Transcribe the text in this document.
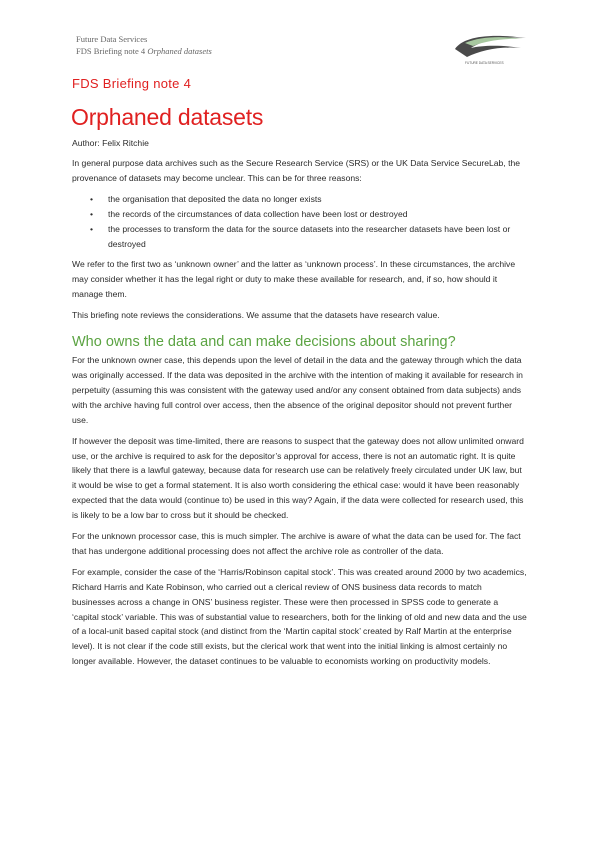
Future Data Services
FDS Briefing note 4 Orphaned datasets
FUTURE DATA SERVICES
FDS Briefing note 4
Orphaned datasets
Author: Felix Ritchie

In general purpose data archives such as the Secure Research Service (SRS) or the UK Data Service SecureLab, the provenance of datasets may become unclear. This can be for three reasons:

• the organisation that deposited the data no longer exists
• the records of the circumstances of data collection have been lost or destroyed
• the processes to transform the data for the source datasets into the researcher datasets have been lost or destroyed

We refer to the first two as ‘unknown owner’ and the latter as ‘unknown process’. In these circumstances, the archive may consider whether it has the legal right or duty to make these available for research, and, if so, how should it manage them.

This briefing note reviews the considerations. We assume that the datasets have research value.

Who owns the data and can make decisions about sharing?

For the unknown owner case, this depends upon the level of detail in the data and the gateway through which the data was originally accessed. If the data was deposited in the archive with the intention of making it available for research in perpetuity (assuming this was consistent with the gateway used and/or any consent obtained from data subjects) ands with the archive having full control over access, then the absence of the original depositor should not prevent further use.

If however the deposit was time-limited, there are reasons to suspect that the gateway does not allow unlimited onward use, or the archive is required to ask for the depositor’s approval for access, there is not an automatic right. It is quite likely that there is a lawful gateway, because data for research use can be relatively freely circulated under UK law, but it would be wise to get a formal statement. It is also worth considering the ethical case: would it have been reasonably expected that the data would (continue to) be used in this way? Again, if the data were collected for research used, this is likely to be a low bar to cross but it should be checked.

For the unknown processor case, this is much simpler. The archive is aware of what the data can be used for. The fact that has undergone additional processing does not affect the archive role as controller of the data.

For example, consider the case of the ‘Harris/Robinson capital stock’. This was created around 2000 by two academics, Richard Harris and Kate Robinson, who carried out a clerical review of ONS business data records to match businesses across a change in ONS’ business register. These were then processed in SPSS code to generate a ‘capital stock’ variable. This was of substantial value to researchers, both for the linking of old and new data and the use of a local-unit based capital stock (and distinct from the ‘Martin capital stock’ created by Ralf Martin at the enterprise level). It is not clear if the code still exists, but the clerical work that went into the initial linking is almost certainly no longer available. However, the dataset continues to be valuable to economists working on productivity models.
